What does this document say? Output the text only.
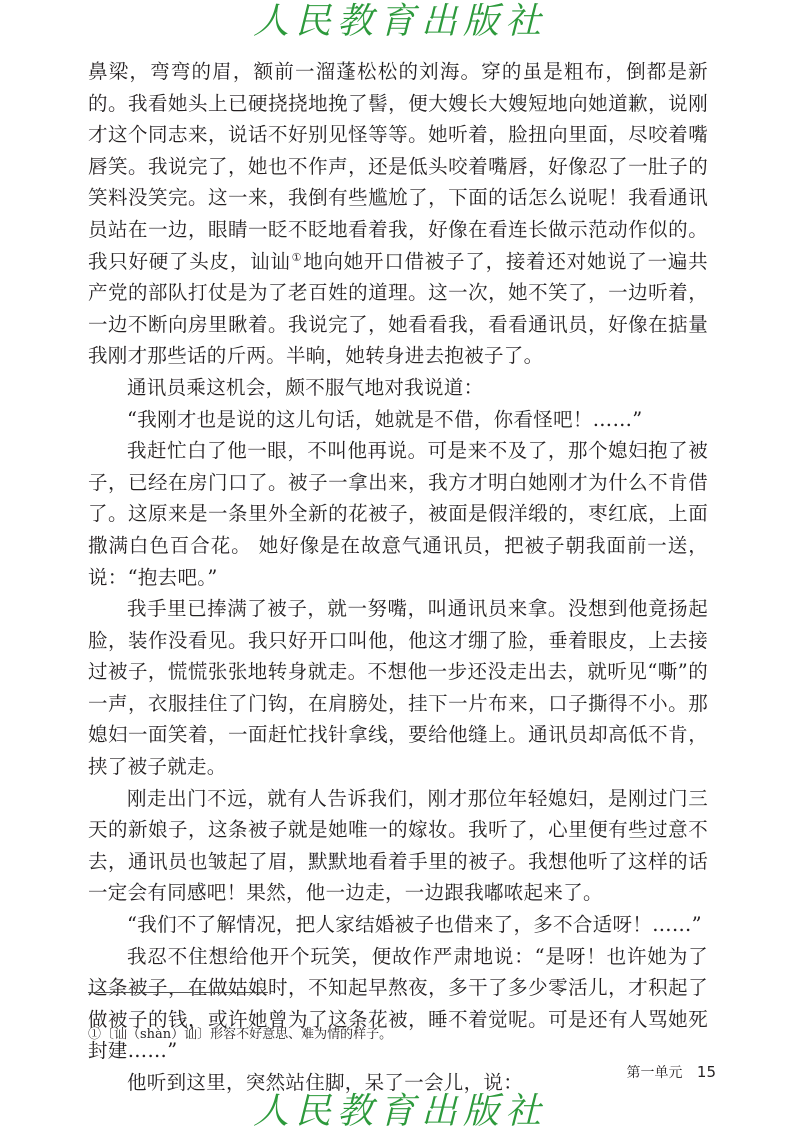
人民教育出版社

鼻梁，弯弯的眉，额前一溜蓬松松的刘海。穿的虽是粗布，倒都是新的。我看她头上已硬挠挠地挽了髻，便大嫂长大嫂短地向她道歉，说刚才这个同志来，说话不好别见怪等等。她听着，脸扭向里面，尽咬着嘴唇笑。我说完了，她也不作声，还是低头咬着嘴唇，好像忍了一肚子的笑料没笑完。这一来，我倒有些尴尬了，下面的话怎么说呢！我看通讯员站在一边，眼睛一眨不眨地看着我，好像在看连长做示范动作似的。我只好硬了头皮，讪讪①地向她开口借被子了，接着还对她说了一遍共产党的部队打仗是为了老百姓的道理。这一次，她不笑了，一边听着，一边不断向房里瞅着。我说完了，她看看我，看看通讯员，好像在掂量我刚才那些话的斤两。半晌，她转身进去抱被子了。

通讯员乘这机会，颇不服气地对我说道：

“我刚才也是说的这儿句话，她就是不借，你看怪吧！……”

我赶忙白了他一眼，不叫他再说。可是来不及了，那个媳妇抱了被子，已经在房门口了。被子一拿出来，我方才明白她刚才为什么不肯借了。这原来是一条里外全新的花被子，被面是假洋缎的，枣红底，上面撒满白色百合花。 她好像是在故意气通讯员，把被子朝我面前一送，说：“抱去吧。”

我手里已捧满了被子，就一努嘴，叫通讯员来拿。没想到他竟扬起脸，装作没看见。我只好开口叫他，他这才绷了脸，垂着眼皮，上去接过被子，慌慌张张地转身就走。不想他一步还没走出去，就听见“嘶”的一声，衣服挂住了门钩，在肩膀处，挂下一片布来，口子撕得不小。那媳妇一面笑着，一面赶忙找针拿线，要给他缝上。通讯员却高低不肯，挟了被子就走。

刚走出门不远，就有人告诉我们，刚才那位年轻媳妇，是刚过门三天的新娘子，这条被子就是她唯一的嫁妆。我听了，心里便有些过意不去，通讯员也皱起了眉，默默地看着手里的被子。我想他听了这样的话一定会有同感吧！果然，他一边走，一边跟我嘟哝起来了。

“我们不了解情况，把人家结婚被子也借来了，多不合适呀！……”

我忍不住想给他开个玩笑，便故作严肃地说：“是呀！也许她为了这条被子，在做姑娘时，不知起早熬夜，多干了多少零活儿，才积起了做被子的钱，或许她曾为了这条花被，睡不着觉呢。可是还有人骂她死封建……”

他听到这里，突然站住脚，呆了一会儿，说：

①〔讪（shàn）讪〕形容不好意思、难为情的样子。
第一单元 15
人民教育出版社
